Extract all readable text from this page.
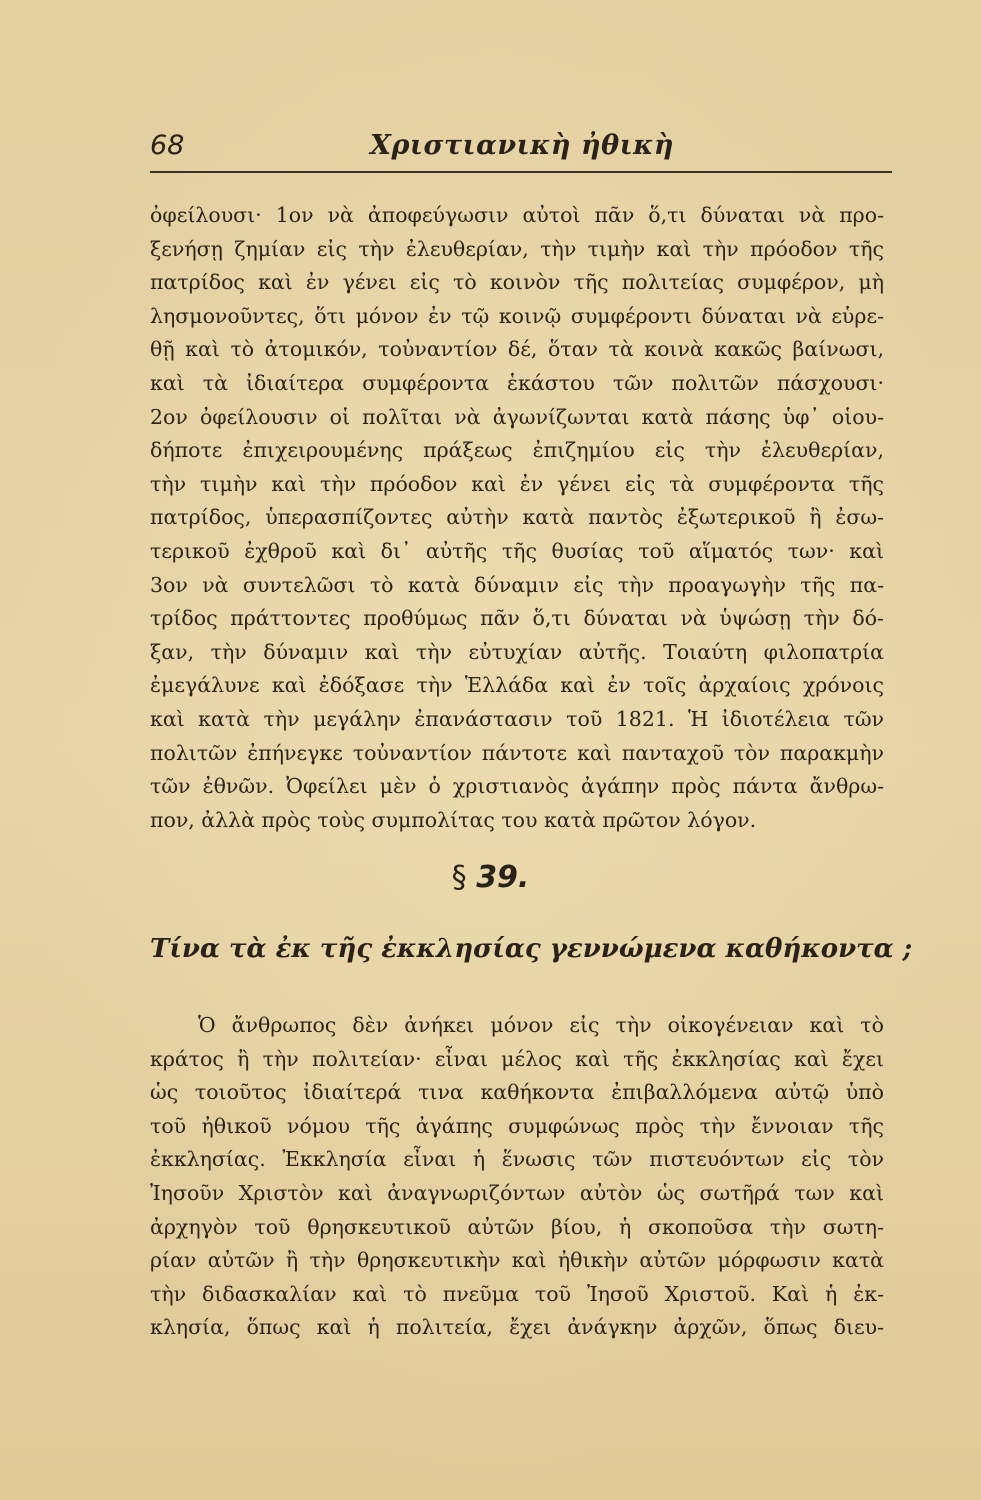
68	Χριστιανικὴ ἠθικὴ
ὀφείλουσι· 1ον νὰ ἀποφεύγωσιν αὐτοὶ πᾶν ὅ,τι δύναται νὰ προ-
ξενήσῃ ζημίαν εἰς τὴν ἐλευθερίαν, τὴν τιμὴν καὶ τὴν πρόοδον τῆς
πατρίδος καὶ ἐν γένει εἰς τὸ κοινὸν τῆς πολιτείας συμφέρον, μὴ
λησμονοῦντες, ὅτι μόνον ἐν τῷ κοινῷ συμφέροντι δύναται νὰ εὑρε-
θῇ καὶ τὸ ἀτομικόν, τοὐναντίον δέ, ὅταν τὰ κοινὰ κακῶς βαίνωσι,
καὶ τὰ ἰδιαίτερα συμφέροντα ἑκάστου τῶν πολιτῶν πάσχουσι·
2ον ὀφείλουσιν οἱ πολῖται νὰ ἀγωνίζωνται κατὰ πάσης ὑφ᾽ οἱου-
δήποτε ἐπιχειρουμένης πράξεως ἐπιζημίου εἰς τὴν ἐλευθερίαν,
τὴν τιμὴν καὶ τὴν πρόοδον καὶ ἐν γένει εἰς τὰ συμφέροντα τῆς
πατρίδος, ὑπερασπίζοντες αὐτὴν κατὰ παντὸς ἐξωτερικοῦ ἢ ἐσω-
τερικοῦ ἐχθροῦ καὶ δι᾽ αὐτῆς τῆς θυσίας τοῦ αἵματός των· καὶ
3ον νὰ συντελῶσι τὸ κατὰ δύναμιν εἰς τὴν προαγωγὴν τῆς πα-
τρίδος πράττοντες προθύμως πᾶν ὅ,τι δύναται νὰ ὑψώσῃ τὴν δό-
ξαν, τὴν δύναμιν καὶ τὴν εὐτυχίαν αὐτῆς. Τοιαύτη φιλοπατρία
ἐμεγάλυνε καὶ ἐδόξασε τὴν Ἑλλάδα καὶ ἐν τοῖς ἀρχαίοις χρόνοις
καὶ κατὰ τὴν μεγάλην ἐπανάστασιν τοῦ 1821. Ἡ ἰδιοτέλεια τῶν
πολιτῶν ἐπήνεγκε τοὐναντίον πάντοτε καὶ πανταχοῦ τὸν παρακμὴν
τῶν ἐθνῶν. Ὀφείλει μὲν ὁ χριστιανὸς ἀγάπην πρὸς πάντα ἄνθρω-
πον, ἀλλὰ πρὸς τοὺς συμπολίτας του κατὰ πρῶτον λόγον.
§ 39.
Τίνα τὰ ἐκ τῆς ἐκκλησίας γεννώμενα καθήκοντα ;
Ὁ ἄνθρωπος δὲν ἀνήκει μόνον εἰς τὴν οἰκογένειαν καὶ τὸ
κράτος ἢ τὴν πολιτείαν· εἶναι μέλος καὶ τῆς ἐκκλησίας καὶ ἔχει
ὡς τοιοῦτος ἰδιαίτερά τινα καθήκοντα ἐπιβαλλόμενα αὐτῷ ὑπὸ
τοῦ ἠθικοῦ νόμου τῆς ἀγάπης συμφώνως πρὸς τὴν ἔννοιαν τῆς
ἐκκλησίας. Ἐκκλησία εἶναι ἡ ἕνωσις τῶν πιστευόντων εἰς τὸν
Ἰησοῦν Χριστὸν καὶ ἀναγνωριζόντων αὐτὸν ὡς σωτῆρά των καὶ
ἀρχηγὸν τοῦ θρησκευτικοῦ αὐτῶν βίου, ἡ σκοποῦσα τὴν σωτη-
ρίαν αὐτῶν ἢ τὴν θρησκευτικὴν καὶ ἠθικὴν αὐτῶν μόρφωσιν κατὰ
τὴν διδασκαλίαν καὶ τὸ πνεῦμα τοῦ Ἰησοῦ Χριστοῦ. Καὶ ἡ ἐκ-
κλησία, ὅπως καὶ ἡ πολιτεία, ἔχει ἀνάγκην ἀρχῶν, ὅπως διευ-
